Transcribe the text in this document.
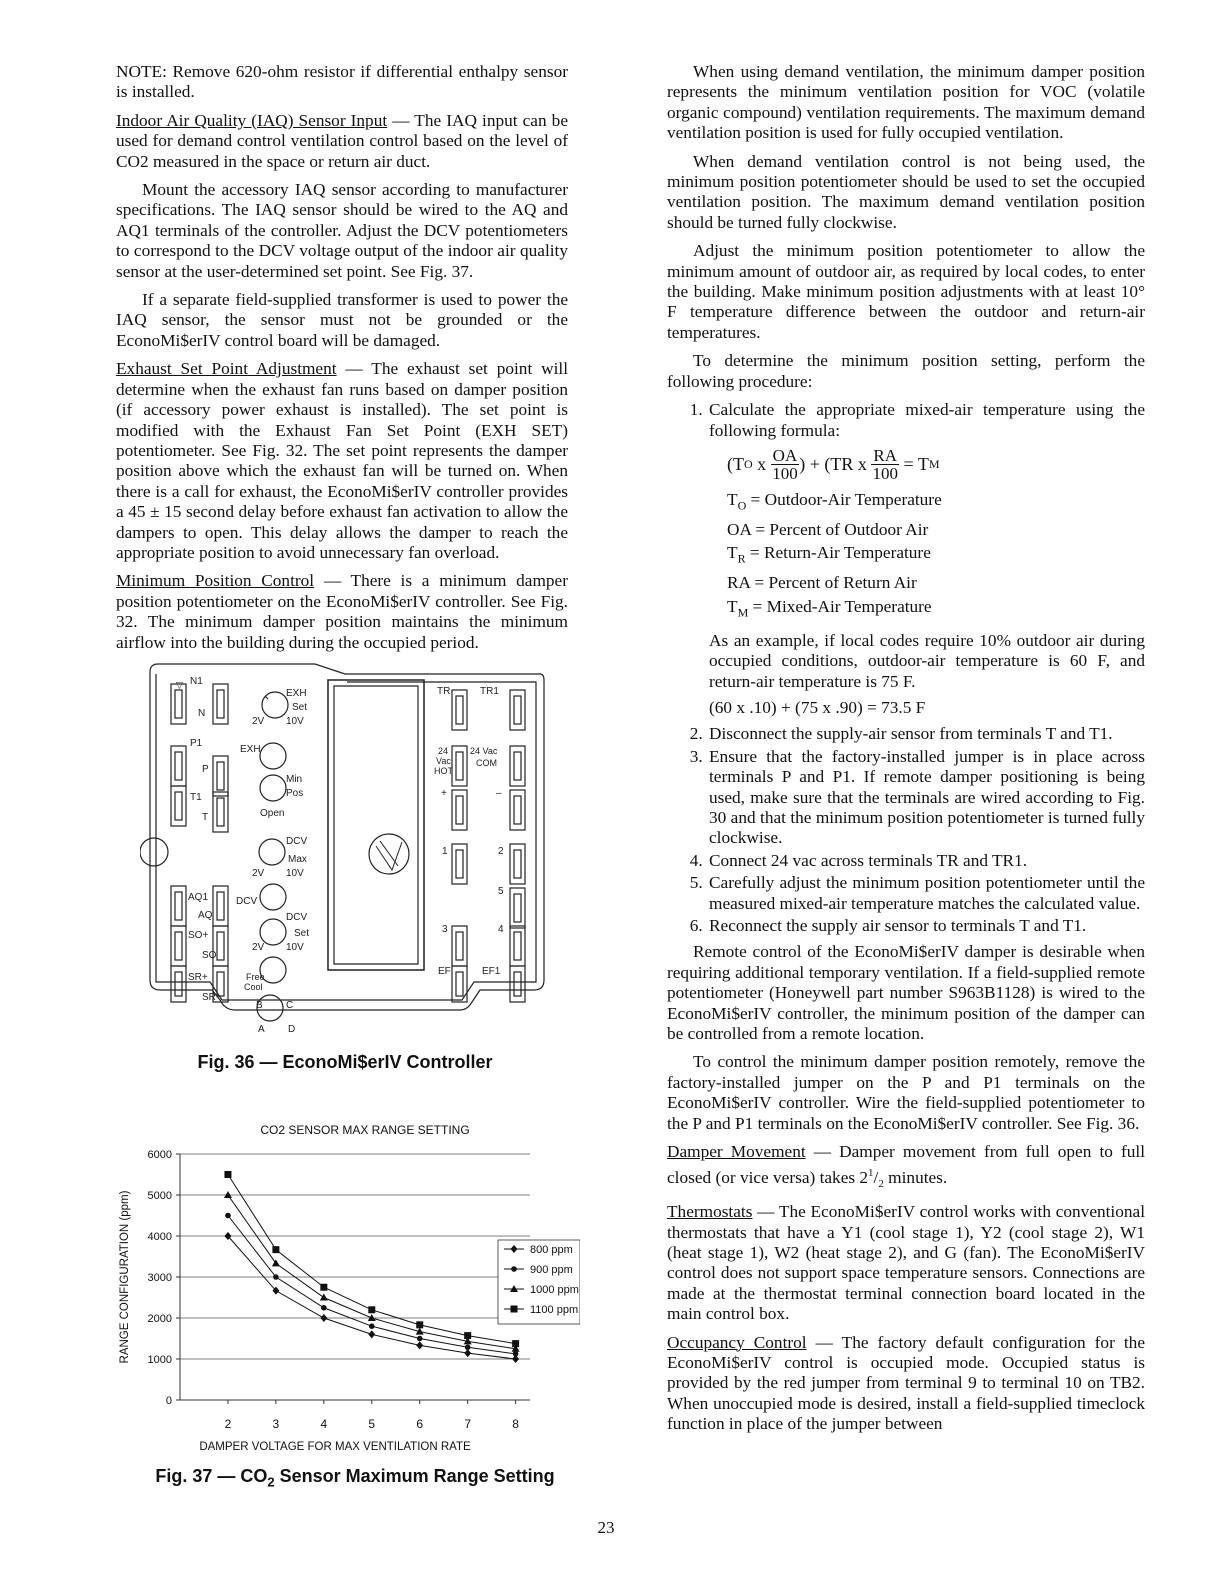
NOTE: Remove 620-ohm resistor if differential enthalpy sensor is installed.

Indoor Air Quality (IAQ) Sensor Input — The IAQ input can be used for demand control ventilation control based on the level of CO2 measured in the space or return air duct.

Mount the accessory IAQ sensor according to manufacturer specifications. The IAQ sensor should be wired to the AQ and AQ1 terminals of the controller. Adjust the DCV potentiometers to correspond to the DCV voltage output of the indoor air quality sensor at the user-determined set point. See Fig. 37.

If a separate field-supplied transformer is used to power the IAQ sensor, the sensor must not be grounded or the EconoMi$erIV control board will be damaged.

Exhaust Set Point Adjustment — The exhaust set point will determine when the exhaust fan runs based on damper position (if accessory power exhaust is installed). The set point is modified with the Exhaust Fan Set Point (EXH SET) potentiometer. See Fig. 32. The set point represents the damper position above which the exhaust fan will be turned on. When there is a call for exhaust, the EconoMi$erIV controller provides a 45 ± 15 second delay before exhaust fan activation to allow the dampers to open. This delay allows the damper to reach the appropriate position to avoid unnecessary fan overload.

Minimum Position Control — There is a minimum damper position potentiometer on the EconoMi$erIV controller. See Fig. 32. The minimum damper position maintains the minimum airflow into the building during the occupied period.

N1
▽
N
EXH
Set
2V 10V
P1
EXH
P
Min
Pos
T1
T	Open
DCV
Max
2V 10V
AQ1
AQ
DCV
DCV
Set
SO+
SO
2V 10V
SR+
SR
Free
Cool
B C
A D
TR	TR1
24
Vac
HOT
24 Vac
COM
+	–
1	2
3	4
5
EF	EF1
Fig. 36 — EconoMi$erIV Controller
0
1000
2000
3000
4000
5000
6000
2	3	4	5	6	7	8
CO2 SENSOR MAX RANGE SETTING
DAMPER VOLTAGE FOR MAX VENTILATION RATE
RANGE CONFIGURATION (ppm)	800 ppm
900 ppm
1000 ppm
1100 ppm
Fig. 37 — $CO_2$ Sensor Maximum Range Setting

When using demand ventilation, the minimum damper position represents the minimum ventilation position for VOC (volatile organic compound) ventilation requirements. The maximum demand ventilation position is used for fully occupied ventilation.

When demand ventilation control is not being used, the minimum position potentiometer should be used to set the occupied ventilation position. The maximum demand ventilation position should be turned fully clockwise.

Adjust the minimum position potentiometer to allow the minimum amount of outdoor air, as required by local codes, to enter the building. Make minimum position adjustments with at least 10° F temperature difference between the outdoor and return-air temperatures.

To determine the minimum position setting, perform the following procedure:

1. Calculate the appropriate mixed-air temperature using the following formula:
(T O x OA
100 ) + (TR x $\frac{RA}{100} = T$ M
$T_O$ = Outdoor-Air Temperature
OA = Percent of Outdoor Air
$T_R$ = Return-Air Temperature
RA = Percent of Return Air
$T_M$ = Mixed-Air Temperature

As an example, if local codes require 10% outdoor air during occupied conditions, outdoor-air temperature is 60 F, and return-air temperature is 75 F.

(60 x .10) + (75 x .90) = 73.5 F

2. Disconnect the supply-air sensor from terminals T and T1.
3. Ensure that the factory-installed jumper is in place across terminals P and P1. If remote damper positioning is being used, make sure that the terminals are wired according to Fig. 30 and that the minimum position potentiometer is turned fully clockwise.
4. Connect 24 vac across terminals TR and TR1.
5. Carefully adjust the minimum position potentiometer until the measured mixed-air temperature matches the calculated value.
6. Reconnect the supply air sensor to terminals T and T1.

Remote control of the EconoMi$erIV damper is desirable when requiring additional temporary ventilation. If a field-supplied remote potentiometer (Honeywell part number S963B1128) is wired to the EconoMi$erIV controller, the minimum position of the damper can be controlled from a remote location.

To control the minimum damper position remotely, remove the factory-installed jumper on the P and P1 terminals on the EconoMi$erIV controller. Wire the field-supplied potentiometer to the P and P1 terminals on the EconoMi$erIV controller. See Fig. 36.

Damper Movement — Damper movement from full open to full closed (or vice versa) takes $2^1/_2$ minutes.

Thermostats — The EconoMi$erIV control works with conventional thermostats that have a Y1 (cool stage 1), Y2 (cool stage 2), W1 (heat stage 1), W2 (heat stage 2), and G (fan). The EconoMi$erIV control does not support space temperature sensors. Connections are made at the thermostat terminal connection board located in the main control box.

Occupancy Control — The factory default configuration for the EconoMi$erIV control is occupied mode. Occupied status is provided by the red jumper from terminal 9 to terminal 10 on TB2. When unoccupied mode is desired, install a field-supplied timeclock function in place of the jumper between

23
